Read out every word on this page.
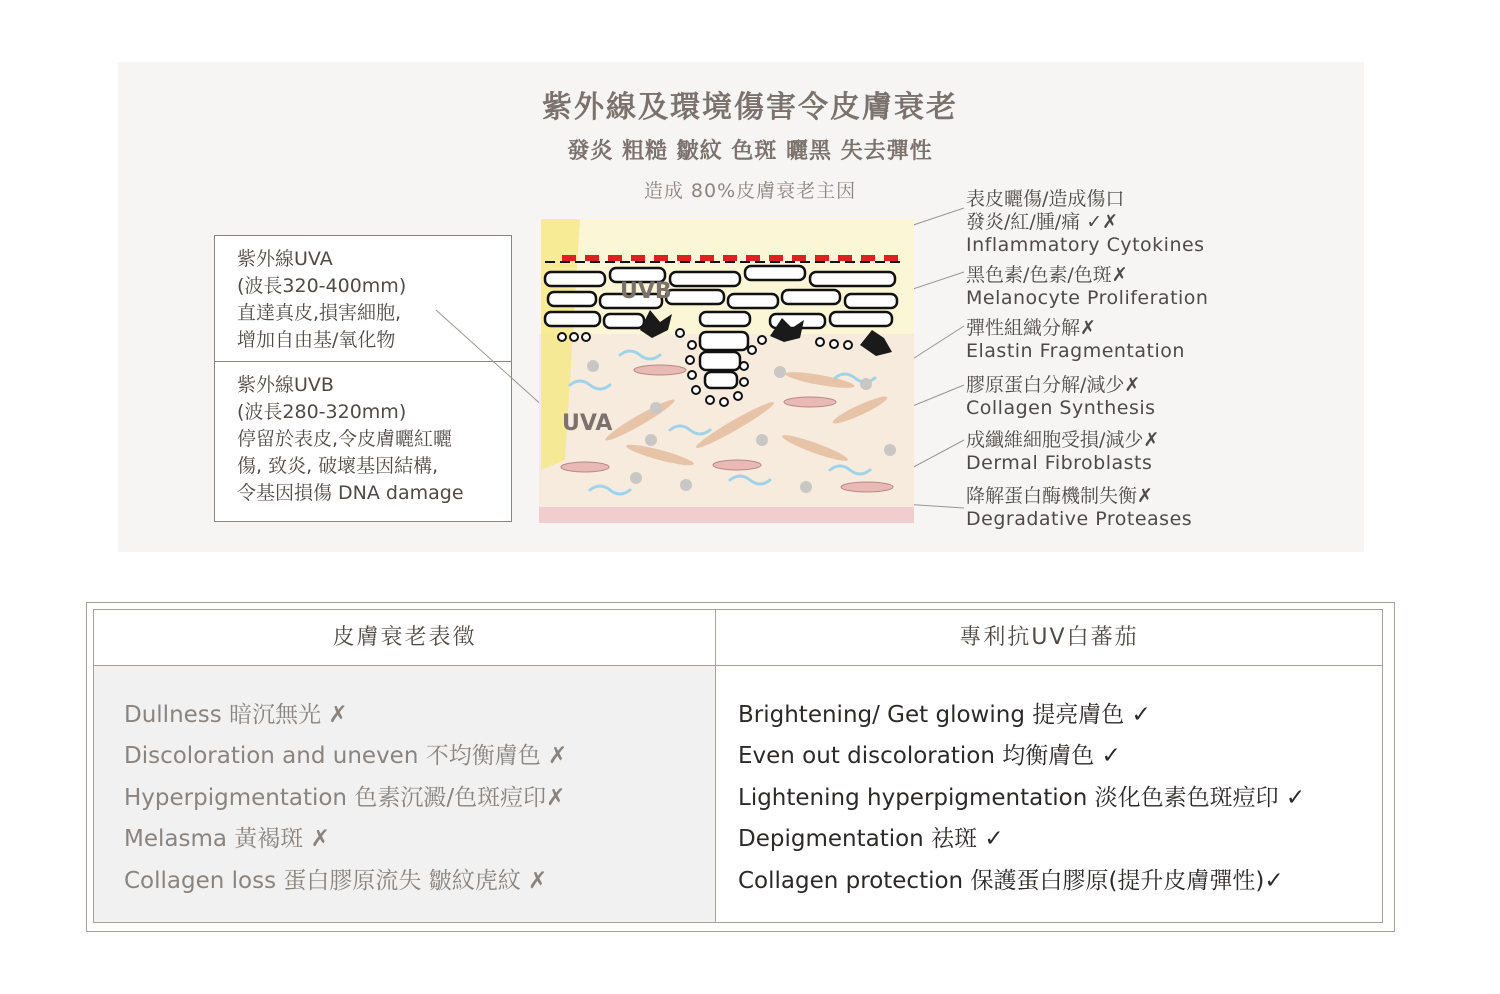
紫外線及環境傷害令皮膚衰老
發炎 粗糙 皺紋 色斑 曬黑 失去彈性
造成 80%皮膚衰老主因
紫外線UVA
(波長320-400mm)
直達真皮,損害細胞,
增加自由基/氧化物
紫外線UVB
(波長280-320mm)
停留於表皮,令皮膚曬紅曬
傷, 致炎, 破壞基因結構,
令基因損傷 DNA damage
UVB
UVA
表皮曬傷/造成傷口
發炎/紅/腫/痛 ✓✗
Inflammatory Cytokines
黑色素/色素/色斑✗
Melanocyte Proliferation
彈性組織分解✗
Elastin Fragmentation
膠原蛋白分解/減少✗
Collagen Synthesis
成纖維細胞受損/減少✗
Dermal Fibroblasts
降解蛋白酶機制失衡✗
Degradative Proteases
皮膚衰老表徵	專利抗UV白蕃茄
Dullness 暗沉無光 ✗
Discoloration and uneven 不均衡膚色 ✗
Hyperpigmentation 色素沉澱/色斑痘印✗
Melasma 黃褐斑 ✗
Collagen loss 蛋白膠原流失 皺紋虎紋 ✗
Brightening/ Get glowing 提亮膚色 ✓
Even out discoloration 均衡膚色 ✓
Lightening hyperpigmentation 淡化色素色斑痘印 ✓
Depigmentation 祛斑 ✓
Collagen protection 保護蛋白膠原(提升皮膚彈性)✓
